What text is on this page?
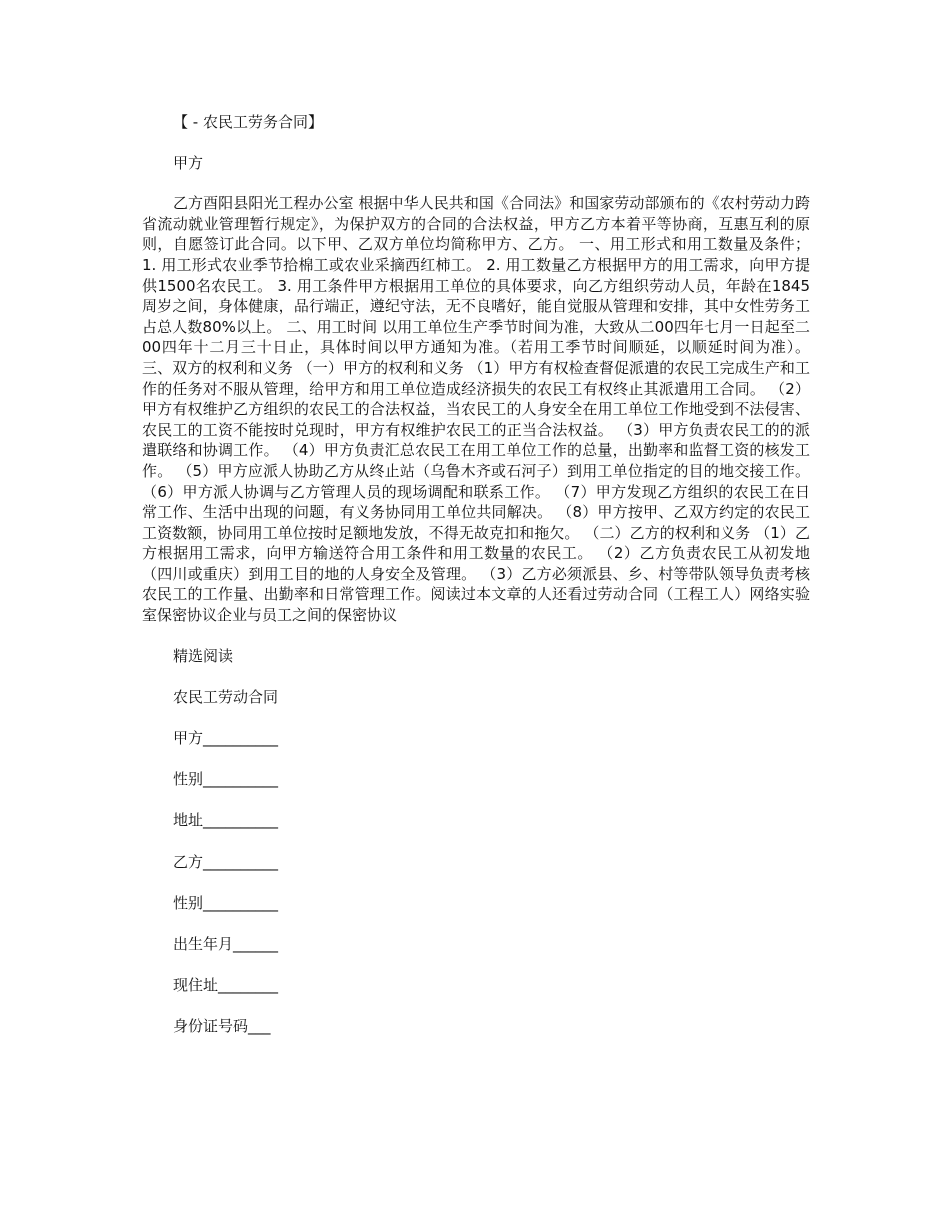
【 - 农民工劳务合同】
甲方
乙方酉阳县阳光工程办公室 根据中华人民共和国《合同法》和国家劳动部颁布的《农村劳动力跨省流动就业管理暂行规定》，为保护双方的合同的合法权益，甲方乙方本着平等协商，互惠互利的原则，自愿签订此合同。以下甲、乙双方单位均简称甲方、乙方。 一、用工形式和用工数量及条件； 1. 用工形式农业季节拾棉工或农业采摘西红柿工。 2. 用工数量乙方根据甲方的用工需求，向甲方提供1500名农民工。 3. 用工条件甲方根据用工单位的具体要求，向乙方组织劳动人员，年龄在1845周岁之间，身体健康，品行端正，遵纪守法，无不良嗜好，能自觉服从管理和安排，其中女性劳务工占总人数80%以上。 二、用工时间 以用工单位生产季节时间为准，大致从二00四年七月一日起至二00四年十二月三十日止，具体时间以甲方通知为准。（若用工季节时间顺延，以顺延时间为准）。 三、双方的权利和义务 （一）甲方的权利和义务 （1）甲方有权检查督促派遣的农民工完成生产和工作的任务对不服从管理，给甲方和用工单位造成经济损失的农民工有权终止其派遣用工合同。 （2）甲方有权维护乙方组织的农民工的合法权益，当农民工的人身安全在用工单位工作地受到不法侵害、农民工的工资不能按时兑现时，甲方有权维护农民工的正当合法权益。 （3）甲方负责农民工的的派遣联络和协调工作。 （4）甲方负责汇总农民工在用工单位工作的总量，出勤率和监督工资的核发工作。 （5）甲方应派人协助乙方从终止站（乌鲁木齐或石河子）到用工单位指定的目的地交接工作。 （6）甲方派人协调与乙方管理人员的现场调配和联系工作。 （7）甲方发现乙方组织的农民工在日常工作、生活中出现的问题，有义务协同用工单位共同解决。 （8）甲方按甲、乙双方约定的农民工工资数额，协同用工单位按时足额地发放，不得无故克扣和拖欠。 （二）乙方的权利和义务 （1）乙方根据用工需求，向甲方输送符合用工条件和用工数量的农民工。 （2）乙方负责农民工从初发地（四川或重庆）到用工目的地的人身安全及管理。 （3）乙方必须派县、乡、村等带队领导负责考核农民工的工作量、出勤率和日常管理工作。阅读过本文章的人还看过劳动合同（工程工人）网络实验室保密协议企业与员工之间的保密协议
精选阅读
农民工劳动合同
甲方__________
性别__________
地址__________
乙方__________
性别__________
出生年月______
现住址________
身份证号码___
